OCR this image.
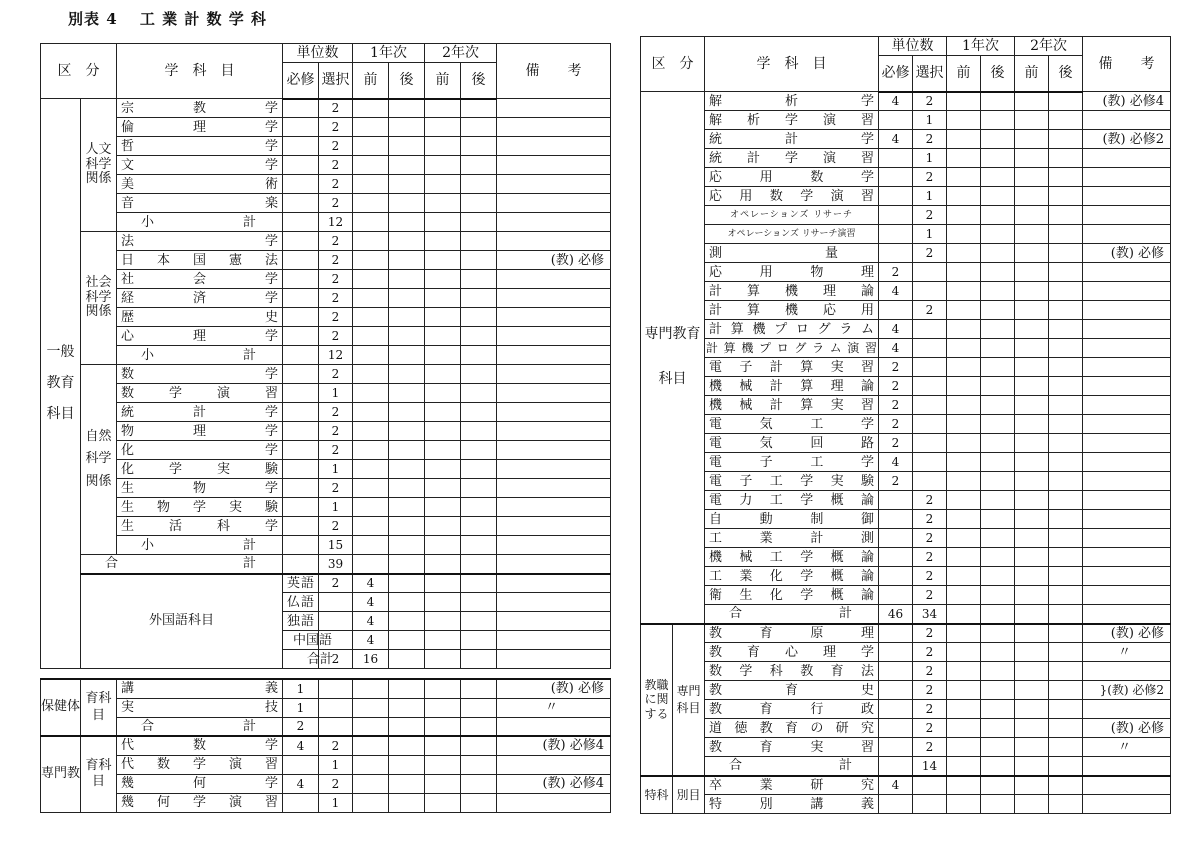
別表 4　 工 業 計 数 学 科
区　分		学　科　目	単位数		1年次		2年次		備　　考	
			必修	選択	前	後	前	後		
一般教育科目	人文科学関係	宗教学		2						
		倫理学		2						
		哲学		2						
		文学		2						
		美術		2						
		音楽		2						
		小計		12						
	社会科学関係	法学		2						
		日本国憲法		2					(教) 必修	
		社会学		2						
		経済学		2						
		歴史		2						
		心理学		2						
		小計		12						
	自然科学関係	数学		2						
		数学演習		1						
		統計学		2						
		物理学		2						
		化学		2						
		化学実験		1						
		生物学		2						
		生物学実験		1						
		生活科学		2						
		小計		15						
	合計			39						
	外国語科目		英語	2	4					
			仏語		4					
			独語		4					
			中国語		4					
			合計	2	16					
保健体	育科目	講義	1						(教) 必修
		実技	1						〃
		合計	2						
専門教	育科目	代数学	4	2					(教) 必修4
		代数学演習		1					
		幾何学	4	2					(教) 必修4
		幾何学演習		1					
区　分		学　科　目	単位数		1年次		2年次		備　　考
			必修	選択	前	後	前	後	
専門教育科目		解析学	4	2					(教) 必修4
		解析学演習		1					
		統計学	4	2					(教) 必修2
		統計学演習		1					
		応用数学		2					
		応用数学演習		1					
		オペレーションズ リサーチ		2					
		オペレーションズ リサーチ演習		1					
		測量		2					(教) 必修
		応用物理	2						
		計算機理論	4						
		計算機応用		2					
		計算機プログラム	4						
		計算機プログラム演習	4						
		電子計算実習	2						
		機械計算理論	2						
		機械計算実習	2						
		電気工学	2						
		電気回路	2						
		電子工学	4						
		電子工学実験	2						
		電力工学概論		2					
		自動制御		2					
		工業計測		2					
		機械工学概論		2					
		工業化学概論		2					
		衛生化学概論		2					
		合計	46	34					
教職に関する	専門科目	教育原理		2					(教) 必修
		教育心理学		2					〃
		数学科教育法		2					
		教育史		2					}(教) 必修2
		教育行政		2					
		道徳教育の研究		2					(教) 必修
		教育実習		2					〃
		合計		14					
特科	別目	卒業研究	4						
		特別講義							
